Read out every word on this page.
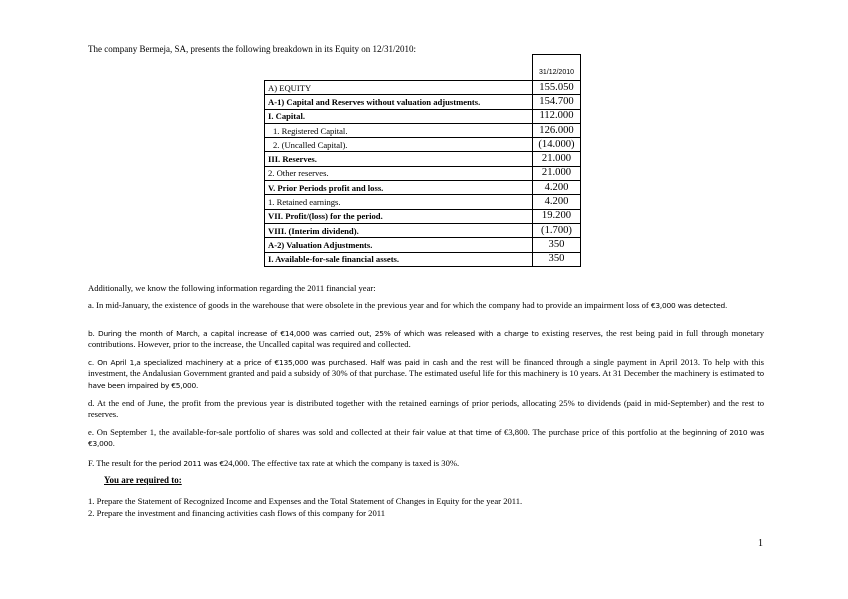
The company Bermeja, SA, presents the following breakdown in its Equity on 12/31/2010:
	31/12/2010
A) EQUITY	155.050
A-1) Capital and Reserves without valuation adjustments.	154.700
I. Capital.	112.000
1. Registered Capital.	126.000
2. (Uncalled Capital).	(14.000)
III. Reserves.	21.000
2. Other reserves.	21.000
V. Prior Periods profit and loss.	4.200
1. Retained earnings.	4.200
VII. Profit/(loss) for the period.	19.200
VIII. (Interim dividend).	(1.700)
A-2) Valuation Adjustments.	350
I. Available-for-sale financial assets.	350
Additionally, we know the following information regarding the 2011 financial year:
a. In mid-January, the existence of goods in the warehouse that were obsolete in the previous year and for which the company had to provide an impairment loss of €3,000 was detected.
b. During the month of March, a capital increase of €14,000 was carried out, 25% of which was released with a charge to existing reserves, the rest being paid in full through monetary contributions. However, prior to the increase, the Uncalled capital was required and collected.
c. On April 1,a specialized machinery at a price of €135,000 was purchased. Half was paid in cash and the rest will be financed through a single payment in April 2013. To help with this investment, the Andalusian Government granted and paid a subsidy of 30% of that purchase. The estimated useful life for this machinery is 10 years. At 31 December the machinery is estimated to have been impaired by €5,000.
d. At the end of June, the profit from the previous year is distributed together with the retained earnings of prior periods, allocating 25% to dividends (paid in mid-September) and the rest to reserves.
e. On September 1, the available-for-sale portfolio of shares was sold and collected at their fair value at that time of €3,800. The purchase price of this portfolio at the beginning of 2010 was €3,000.
F. The result for the period 2011 was €24,000. The effective tax rate at which the company is taxed is 30%.
You are required to:
1. Prepare the Statement of Recognized Income and Expenses and the Total Statement of Changes in Equity for the year 2011.
2. Prepare the investment and financing activities cash flows of this company for 2011
1
